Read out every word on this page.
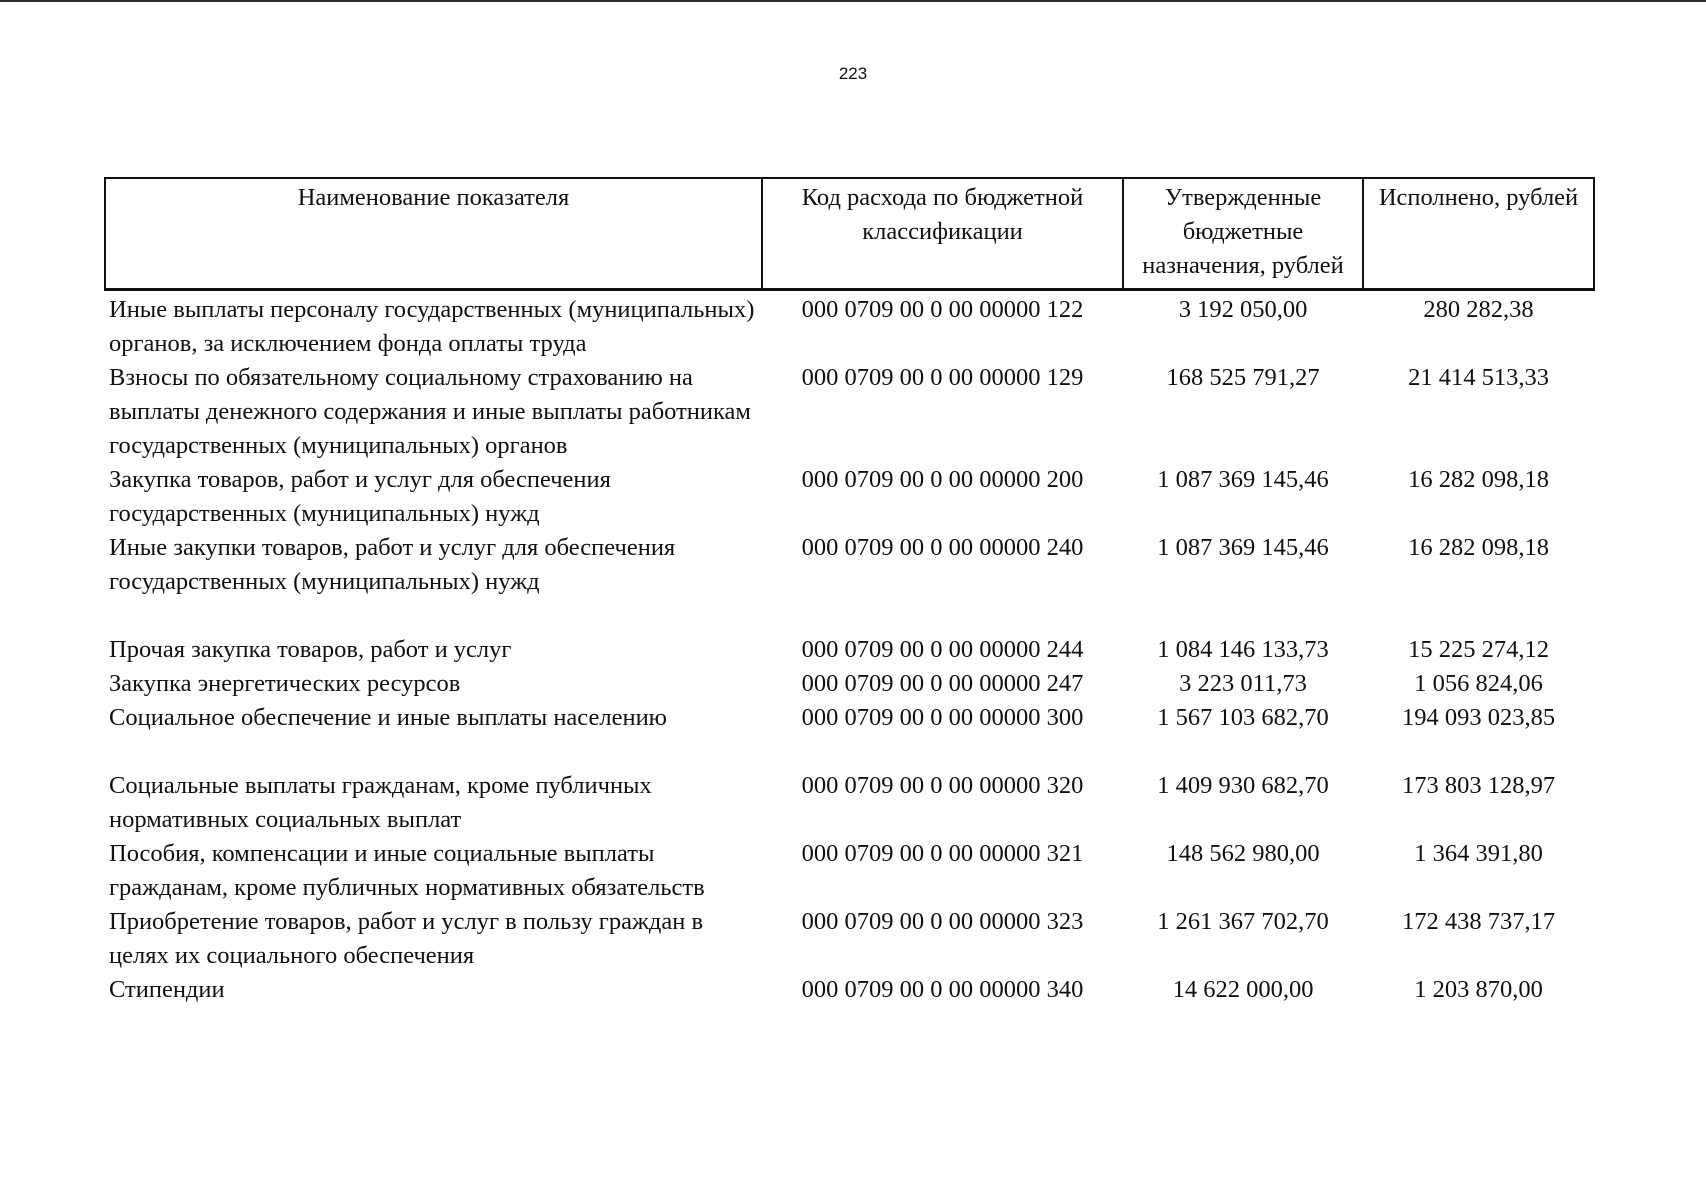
223
Наименование показателя	Код расхода по бюджетной классификации	Утвержденные бюджетные назначения, рублей	Исполнено, рублей
Иные выплаты персоналу государственных (муниципальных) органов, за исключением фонда оплаты труда	000 0709 00 0 00 00000 122	3 192 050,00	280 282,38
Взносы по обязательному социальному страхованию на выплаты денежного содержания и иные выплаты работникам государственных (муниципальных) органов	000 0709 00 0 00 00000 129	168 525 791,27	21 414 513,33
Закупка товаров, работ и услуг для обеспечения государственных (муниципальных) нужд	000 0709 00 0 00 00000 200	1 087 369 145,46	16 282 098,18
Иные закупки товаров, работ и услуг для обеспечения государственных (муниципальных) нужд	000 0709 00 0 00 00000 240	1 087 369 145,46	16 282 098,18
Прочая закупка товаров, работ и услуг	000 0709 00 0 00 00000 244	1 084 146 133,73	15 225 274,12
Закупка энергетических ресурсов	000 0709 00 0 00 00000 247	3 223 011,73	1 056 824,06
Социальное обеспечение и иные выплаты населению	000 0709 00 0 00 00000 300	1 567 103 682,70	194 093 023,85
Социальные выплаты гражданам, кроме публичных нормативных социальных выплат	000 0709 00 0 00 00000 320	1 409 930 682,70	173 803 128,97
Пособия, компенсации и иные социальные выплаты гражданам, кроме публичных нормативных обязательств	000 0709 00 0 00 00000 321	148 562 980,00	1 364 391,80
Приобретение товаров, работ и услуг в пользу граждан в целях их социального обеспечения	000 0709 00 0 00 00000 323	1 261 367 702,70	172 438 737,17
Стипендии	000 0709 00 0 00 00000 340	14 622 000,00	1 203 870,00
